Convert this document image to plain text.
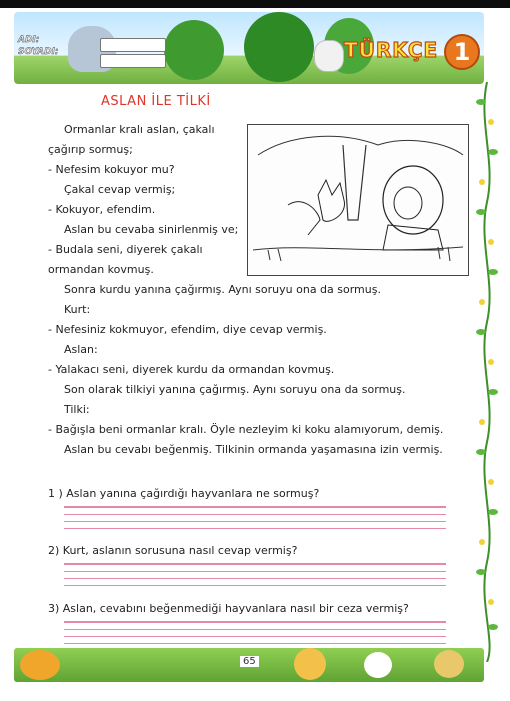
ADI:
SOYADI:	TÜRKÇE 1
ASLAN İLE TİLKİ
Ormanlar kralı aslan, çakalı
çağırıp sormuş;
- Nefesim kokuyor mu?
Çakal cevap vermiş;
- Kokuyor, efendim.
Aslan bu cevaba sinirlenmiş ve;
- Budala seni, diyerek çakalı
ormandan kovmuş.
Sonra kurdu yanına çağırmış. Aynı soruyu ona da sormuş.
Kurt:
- Nefesiniz kokmuyor, efendim, diye cevap vermiş.
Aslan:
- Yalakacı seni, diyerek kurdu da ormandan kovmuş.
Son olarak tilkiyi yanına çağırmış. Aynı soruyu ona da sormuş.
Tilki:
- Bağışla beni ormanlar kralı. Öyle nezleyim ki koku alamıyorum, demiş.
Aslan bu cevabı beğenmiş. Tilkinin ormanda yaşamasına izin vermiş.
1 ) Aslan yanına çağırdığı hayvanlara ne sormuş?
2) Kurt, aslanın sorusuna nasıl cevap vermiş?
3) Aslan, cevabını beğenmediği hayvanlara nasıl bir ceza vermiş?
65
